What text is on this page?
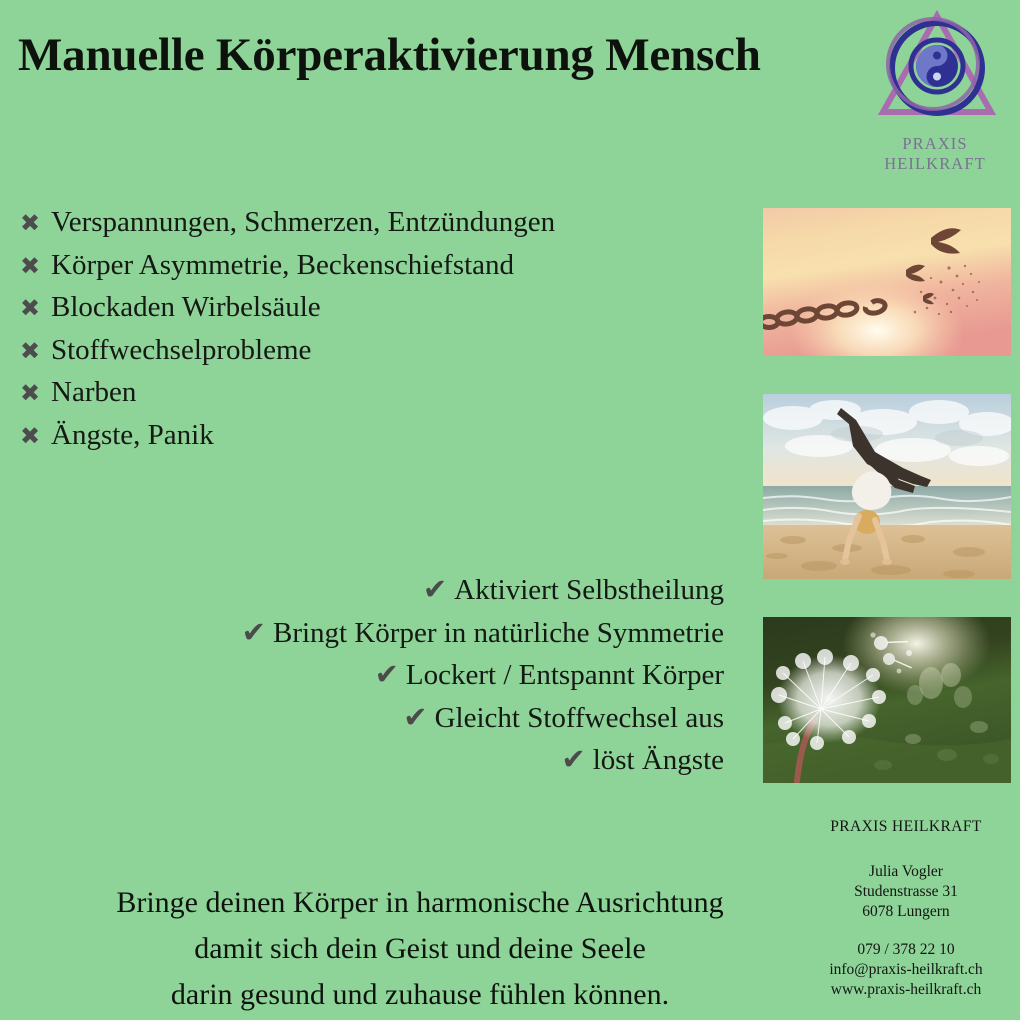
Manuelle Körperaktivierung Mensch
PRAXIS HEILKRAFT
✖ Verspannungen, Schmerzen, Entzündungen
✖ Körper Asymmetrie, Beckenschiefstand
✖ Blockaden Wirbelsäule
✖ Stoffwechselprobleme
✖ Narben
✖ Ängste, Panik
✔ Aktiviert Selbstheilung
✔ Bringt Körper in natürliche Symmetrie
✔ Lockert / Entspannt Körper
✔ Gleicht Stoffwechsel aus
✔ löst Ängste
PRAXIS HEILKRAFT
Julia Vogler
Studenstrasse 31
6078 Lungern
079 / 378 22 10
info@praxis-heilkraft.ch
www.praxis-heilkraft.ch
Bringe deinen Körper in harmonische Ausrichtung
damit sich dein Geist und deine Seele
darin gesund und zuhause fühlen können.
